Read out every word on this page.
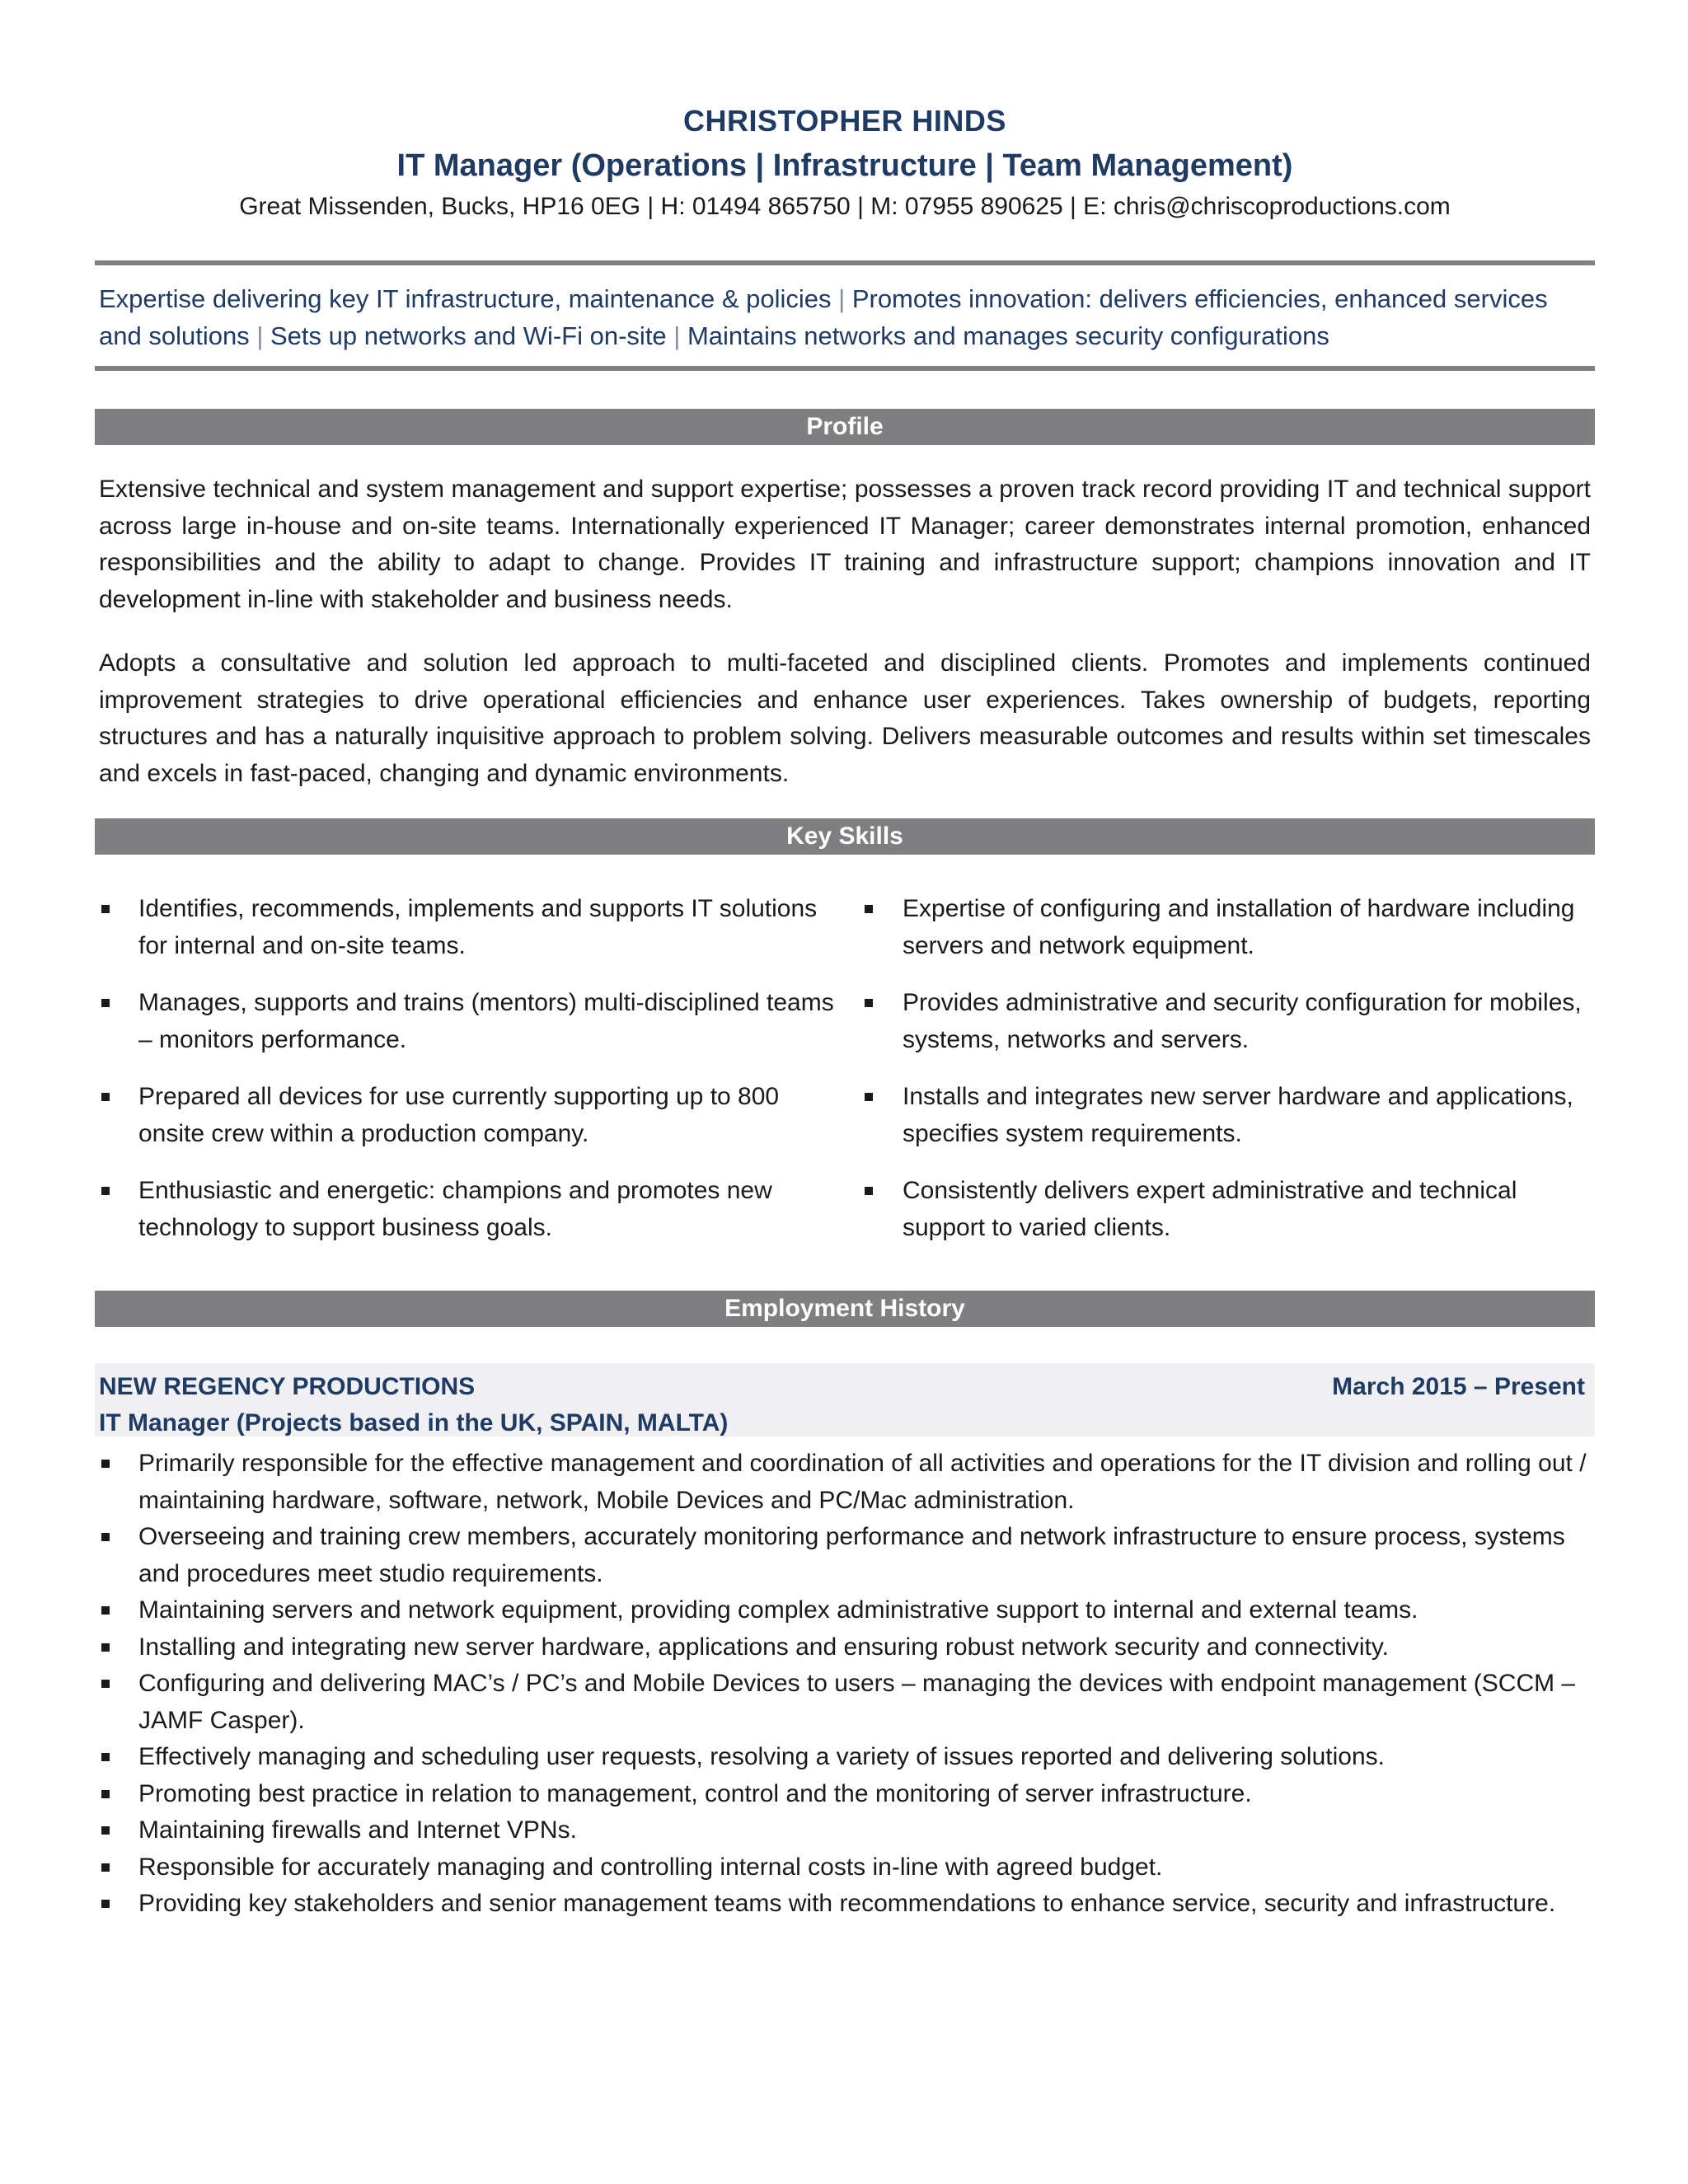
CHRISTOPHER HINDS
IT Manager (Operations | Infrastructure | Team Management)
Great Missenden, Bucks, HP16 0EG | H: 01494 865750 | M: 07955 890625 | E: chris@chriscoproductions.com
Expertise delivering key IT infrastructure, maintenance & policies | Promotes innovation: delivers efficiencies, enhanced services and solutions | Sets up networks and Wi-Fi on-site | Maintains networks and manages security configurations
Profile

Extensive technical and system management and support expertise; possesses a proven track record providing IT and technical support across large in-house and on-site teams. Internationally experienced IT Manager; career demonstrates internal promotion, enhanced responsibilities and the ability to adapt to change. Provides IT training and infrastructure support; champions innovation and IT development in-line with stakeholder and business needs.

Adopts a consultative and solution led approach to multi-faceted and disciplined clients. Promotes and implements continued improvement strategies to drive operational efficiencies and enhance user experiences. Takes ownership of budgets, reporting structures and has a naturally inquisitive approach to problem solving. Delivers measurable outcomes and results within set timescales and excels in fast-paced, changing and dynamic environments.

Key Skills
Identifies, recommends, implements and supports IT solutions for internal and on-site teams.
Manages, supports and trains (mentors) multi-disciplined teams – monitors performance.
Prepared all devices for use currently supporting up to 800 onsite crew within a production company.
Enthusiastic and energetic: champions and promotes new technology to support business goals.
Expertise of configuring and installation of hardware including servers and network equipment.
Provides administrative and security configuration for mobiles, systems, networks and servers.
Installs and integrates new server hardware and applications, specifies system requirements.
Consistently delivers expert administrative and technical support to varied clients.
Employment History
NEW REGENCY PRODUCTIONS	March 2015 – Present
IT Manager (Projects based in the UK, SPAIN, MALTA)

Primarily responsible for the effective management and coordination of all activities and operations for the IT division and rolling out / maintaining hardware, software, network, Mobile Devices and PC/Mac administration.

Overseeing and training crew members, accurately monitoring performance and network infrastructure to ensure process, systems and procedures meet studio requirements.

Maintaining servers and network equipment, providing complex administrative support to internal and external teams.

Installing and integrating new server hardware, applications and ensuring robust network security and connectivity.

Configuring and delivering MAC’s / PC’s and Mobile Devices to users – managing the devices with endpoint management (SCCM – JAMF Casper).

Effectively managing and scheduling user requests, resolving a variety of issues reported and delivering solutions.

Promoting best practice in relation to management, control and the monitoring of server infrastructure.

Maintaining firewalls and Internet VPNs.

Responsible for accurately managing and controlling internal costs in-line with agreed budget.

Providing key stakeholders and senior management teams with recommendations to enhance service, security and infrastructure.
